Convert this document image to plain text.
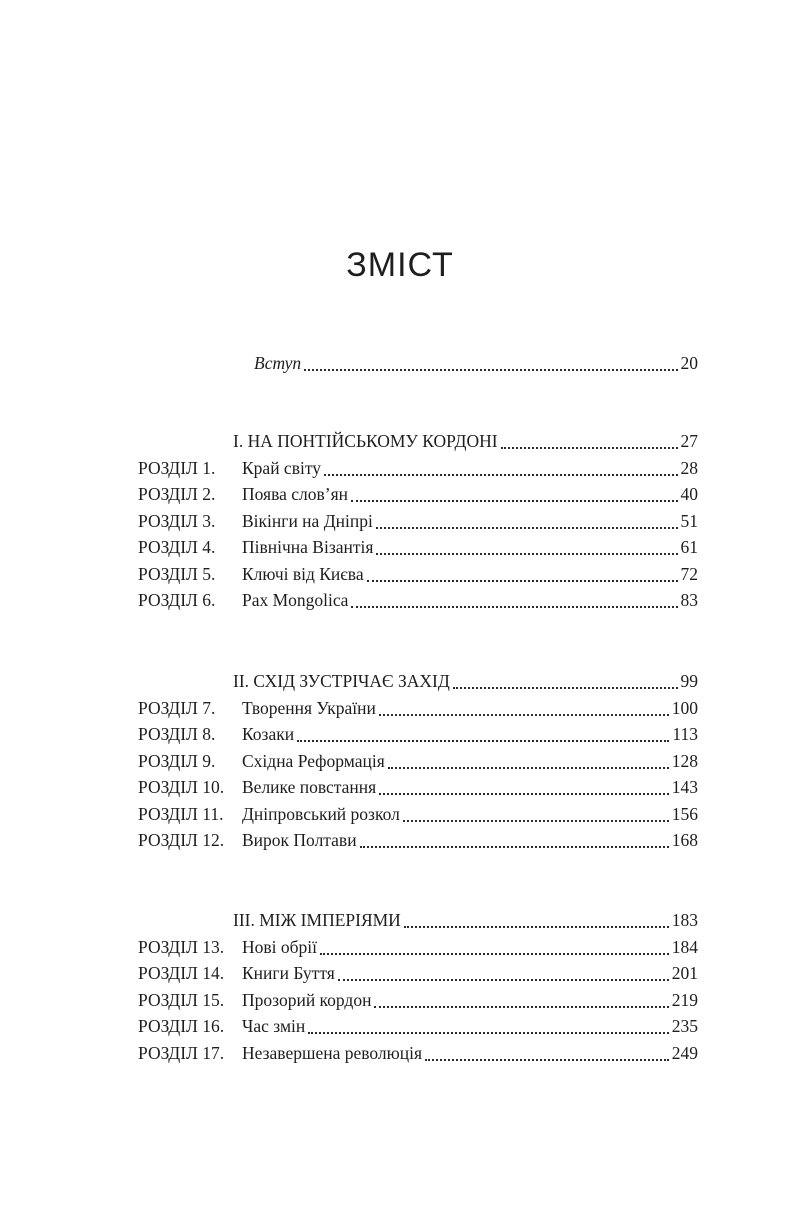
ЗМІСТ
Вступ	20
I. НА ПОНТІЙСЬКОМУ КОРДОНІ	27
РОЗДІЛ 1.	Край світу	28
РОЗДІЛ 2.	Поява слов’ян	40
РОЗДІЛ 3.	Вікінги на Дніпрі	51
РОЗДІЛ 4.	Північна Візантія	61
РОЗДІЛ 5.	Ключі від Києва	72
РОЗДІЛ 6.	Pax Mongolica	83
II. СХІД ЗУСТРІЧАЄ ЗАХІД	99
РОЗДІЛ 7.	Творення України	100
РОЗДІЛ 8.	Козаки	113
РОЗДІЛ 9.	Східна Реформація	128
РОЗДІЛ 10.	Велике повстання	143
РОЗДІЛ 11.	Дніпровський розкол	156
РОЗДІЛ 12.	Вирок Полтави	168
III. МІЖ ІМПЕРІЯМИ	183
РОЗДІЛ 13.	Нові обрії	184
РОЗДІЛ 14.	Книги Буття	201
РОЗДІЛ 15.	Прозорий кордон	219
РОЗДІЛ 16.	Час змін	235
РОЗДІЛ 17.	Незавершена революція	249
